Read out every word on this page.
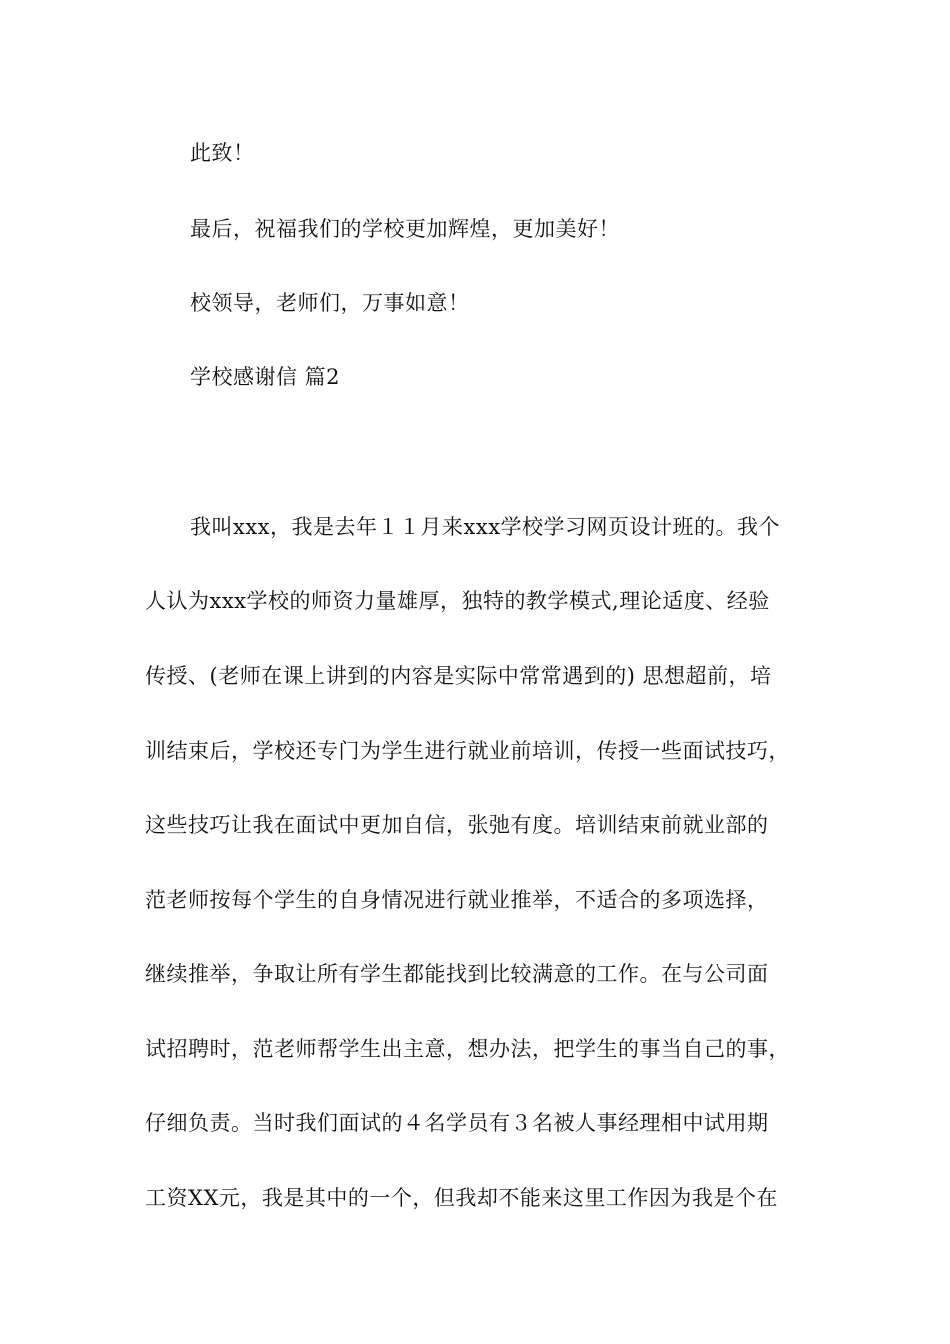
此致！

最后，祝福我们的学校更加辉煌，更加美好！

校领导，老师们，万事如意！

学校感谢信 篇2

我叫xxx，我是去年１１月来xxx学校学习网页设计班的。我个

人认为xxx学校的师资力量雄厚，独特的教学模式,理论适度、经验

传授、(老师在课上讲到的内容是实际中常常遇到的) 思想超前，培

训结束后，学校还专门为学生进行就业前培训，传授一些面试技巧，

这些技巧让我在面试中更加自信，张弛有度。培训结束前就业部的

范老师按每个学生的自身情况进行就业推举，不适合的多项选择，

继续推举，争取让所有学生都能找到比较满意的工作。在与公司面

试招聘时，范老师帮学生出主意，想办法，把学生的事当自己的事，

仔细负责。当时我们面试的４名学员有３名被人事经理相中试用期

工资XX元，我是其中的一个，但我却不能来这里工作因为我是个在
